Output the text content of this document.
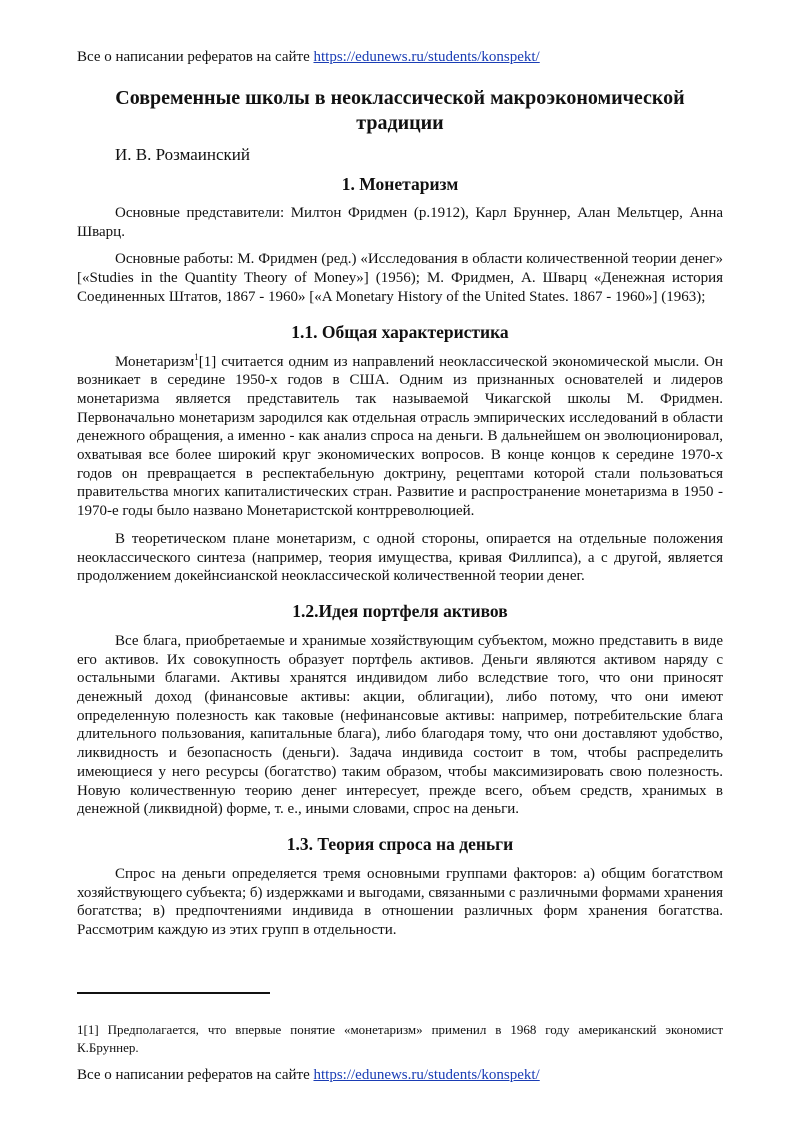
Все о написании рефератов на сайте https://edunews.ru/students/konspekt/
Современные школы в неоклассической макроэкономической традиции
И. В. Розмаинский
1. Монетаризм

Основные представители: Милтон Фридмен (р.1912), Карл Бруннер, Алан Мельтцер, Анна Шварц.

Основные работы: М. Фридмен (ред.) «Исследования в области количественной теории денег» [«Studies in the Quantity Theory of Money»] (1956); М. Фридмен, А. Шварц «Денежная история Соединенных Штатов, 1867 - 1960» [«A Monetary History of the United States. 1867 - 1960»] (1963);

1.1. Общая характеристика

Монетаризм$^1$[1] считается одним из направлений неоклассической экономической мысли. Он возникает в середине 1950-х годов в США. Одним из признанных основателей и лидеров монетаризма является представитель так называемой Чикагской школы М. Фридмен. Первоначально монетаризм зародился как отдельная отрасль эмпирических исследований в области денежного обращения, а именно - как анализ спроса на деньги. В дальнейшем он эволюционировал, охватывая все более широкий круг экономических вопросов. В конце концов к середине 1970-х годов он превращается в респектабельную доктрину, рецептами которой стали пользоваться правительства многих капиталистических стран. Развитие и распространение монетаризма в 1950 - 1970-е годы было названо Монетаристской контрреволюцией.

В теоретическом плане монетаризм, с одной стороны, опирается на отдельные положения неоклассического синтеза (например, теория имущества, кривая Филлипса), а с другой, является продолжением докейнсианской неоклассической количественной теории денег.

1.2.Идея портфеля активов

Все блага, приобретаемые и хранимые хозяйствующим субъектом, можно представить в виде его активов. Их совокупность образует портфель активов. Деньги являются активом наряду с остальными благами. Активы хранятся индивидом либо вследствие того, что они приносят денежный доход (финансовые активы: акции, облигации), либо потому, что они имеют определенную полезность как таковые (нефинансовые активы: например, потребительские блага длительного пользования, капитальные блага), либо благодаря тому, что они доставляют удобство, ликвидность и безопасность (деньги). Задача индивида состоит в том, чтобы распределить имеющиеся у него ресурсы (богатство) таким образом, чтобы максимизировать свою полезность. Новую количественную теорию денег интересует, прежде всего, объем средств, хранимых в денежной (ликвидной) форме, т. е., иными словами, спрос на деньги.

1.3. Теория спроса на деньги

Спрос на деньги определяется тремя основными группами факторов: а) общим богатством хозяйствующего субъекта; б) издержками и выгодами, связанными с различными формами хранения богатства; в) предпочтениями индивида в отношении различных форм хранения богатства. Рассмотрим каждую из этих групп в отдельности.

1[1] Предполагается, что впервые понятие «монетаризм» применил в 1968 году американский экономист К.Бруннер.
Все о написании рефератов на сайте https://edunews.ru/students/konspekt/
